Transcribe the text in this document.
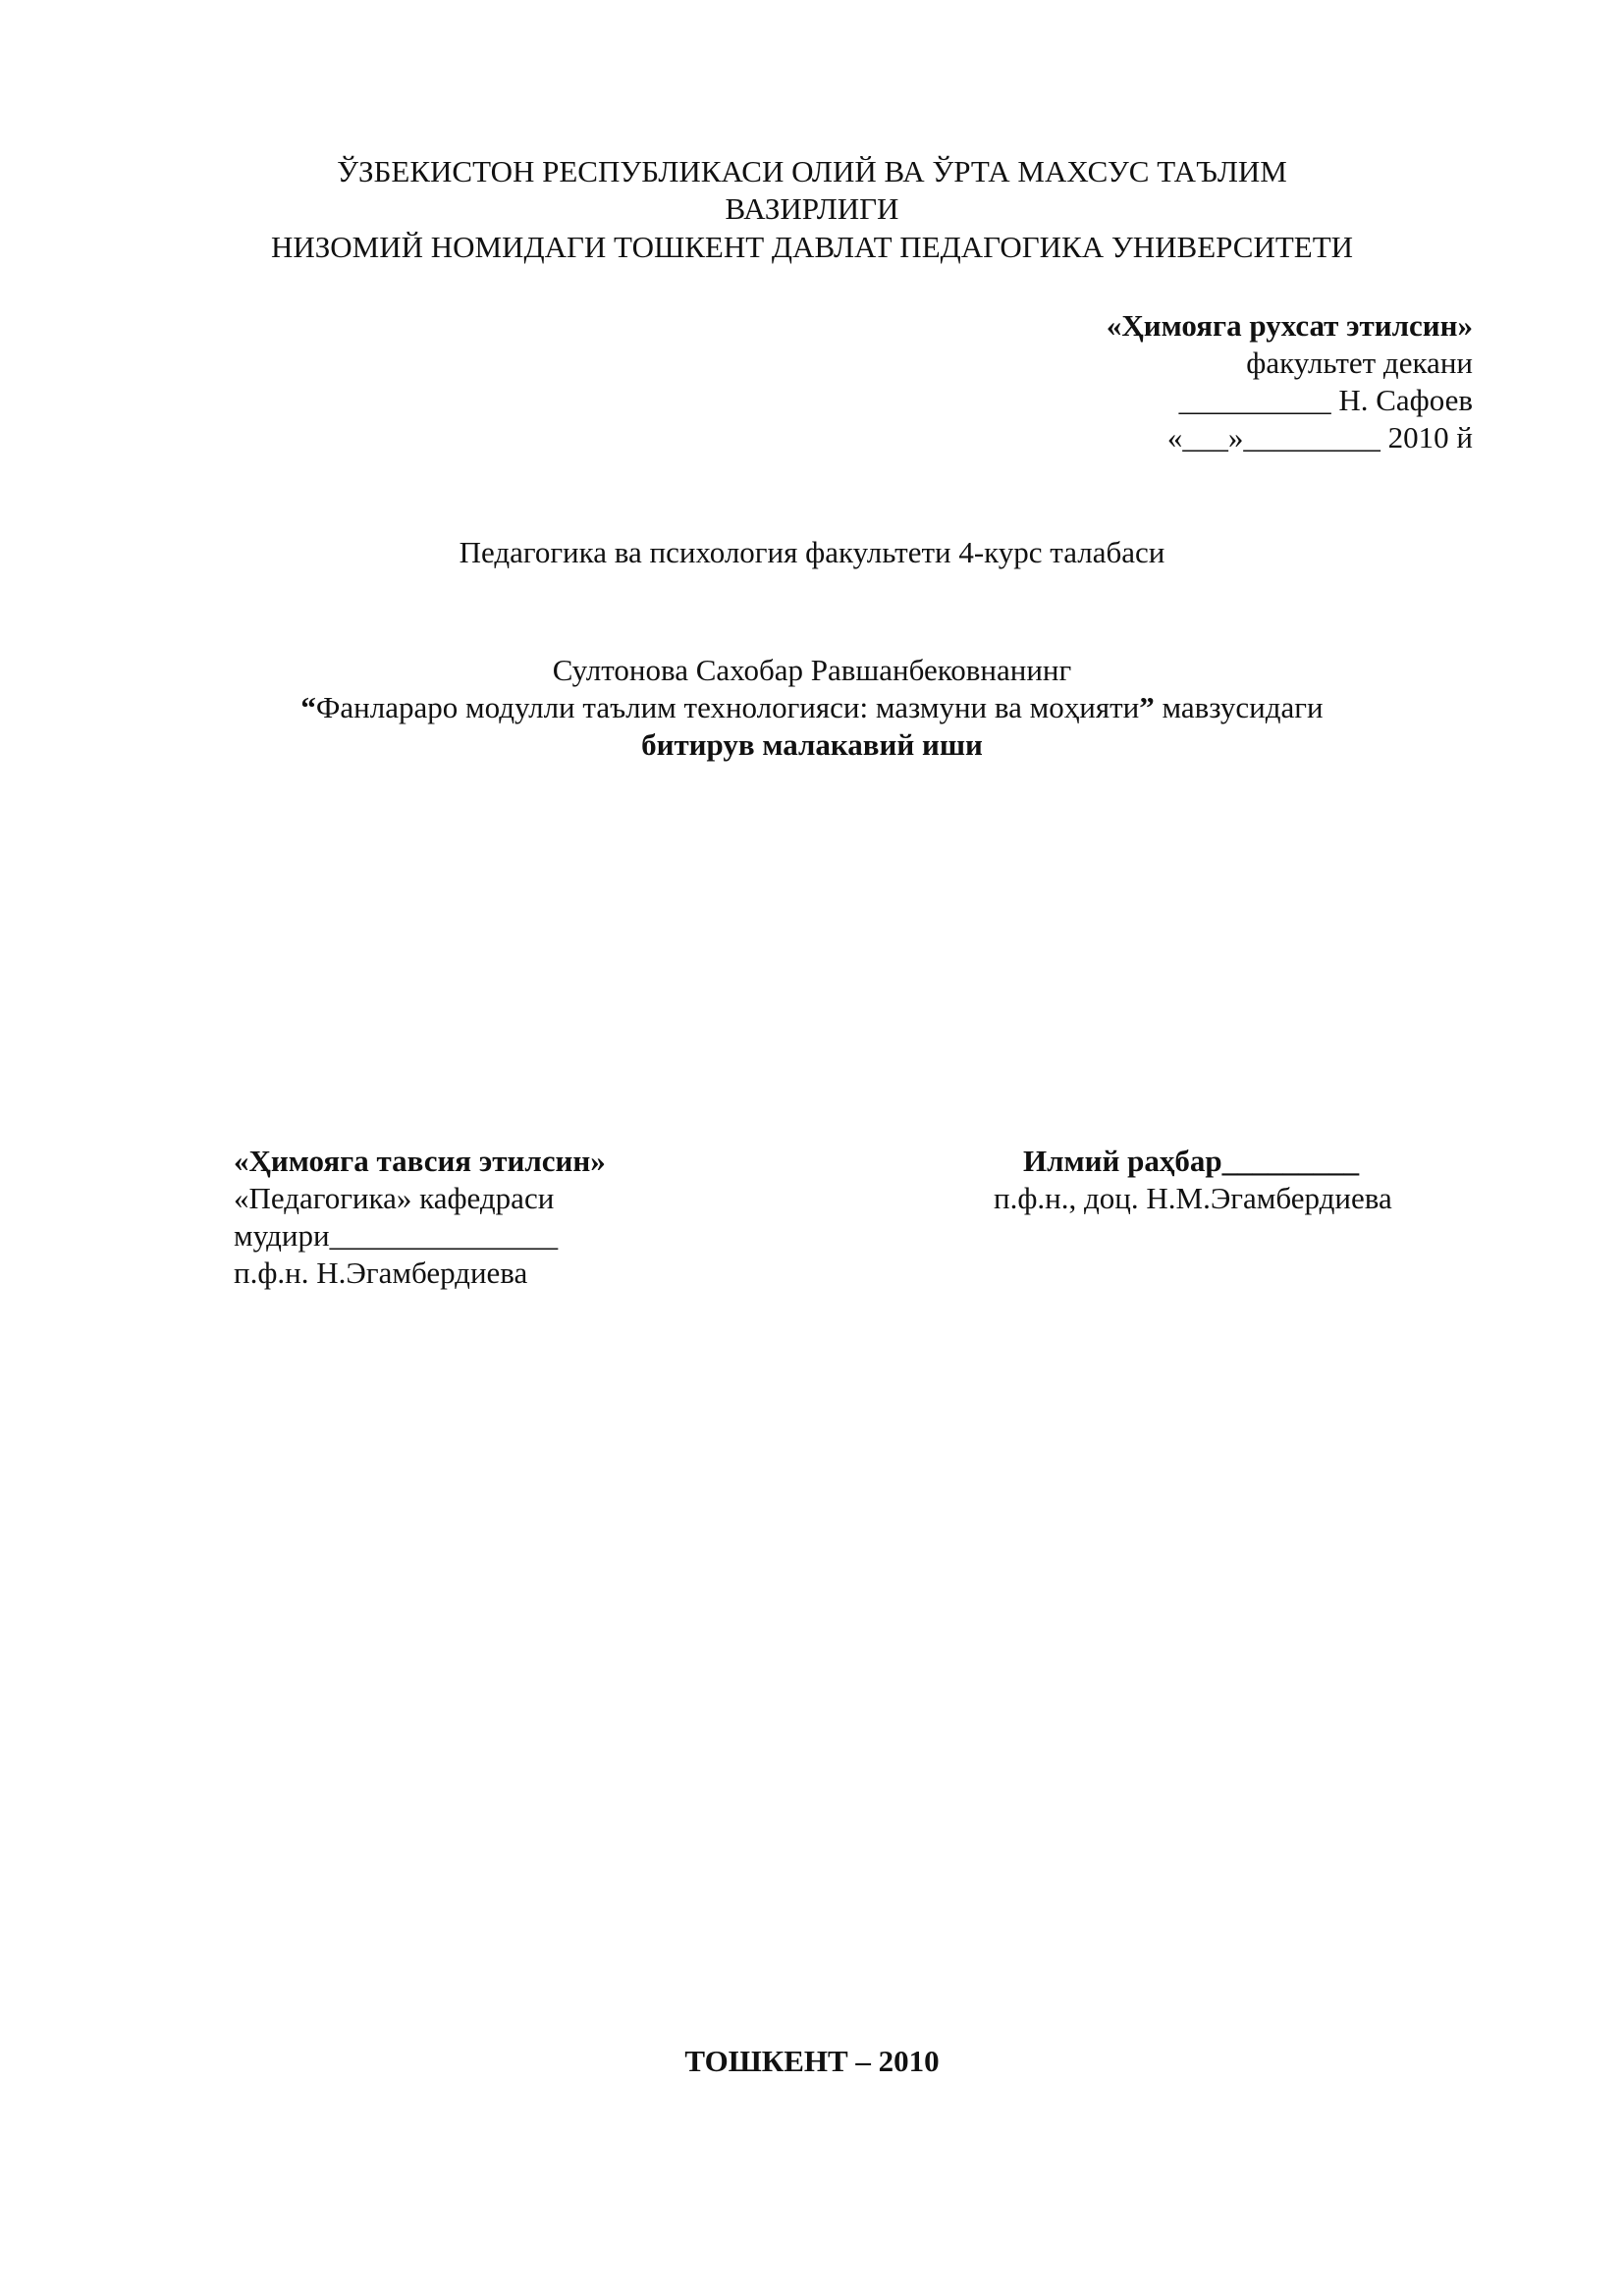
ЎЗБЕКИСТОН РЕСПУБЛИКАСИ ОЛИЙ ВА ЎРТА МАХСУС ТАЪЛИМ

ВАЗИРЛИГИ

НИЗОМИЙ НОМИДАГИ ТОШКЕНТ ДАВЛАТ ПЕДАГОГИКА УНИВЕРСИТЕТИ

«Ҳимояга рухсат этилсин»

факультет декани

__________ Н. Сафоев

«___»_________ 2010 й

Педагогика ва психология факультети 4-курс талабаси

Султонова Сахобар Равшанбековнанинг

“Фанлараро модулли таълим технологияси: мазмуни ва моҳияти” мавзусидаги

битирув малакавий иши

«Ҳимояга тавсия этилсин»

«Педагогика» кафедраси

мудири_______________

п.ф.н. Н.Эгамбердиева

Илмий раҳбар_________

п.ф.н., доц. Н.М.Эгамбердиева

ТОШКЕНТ – 2010
